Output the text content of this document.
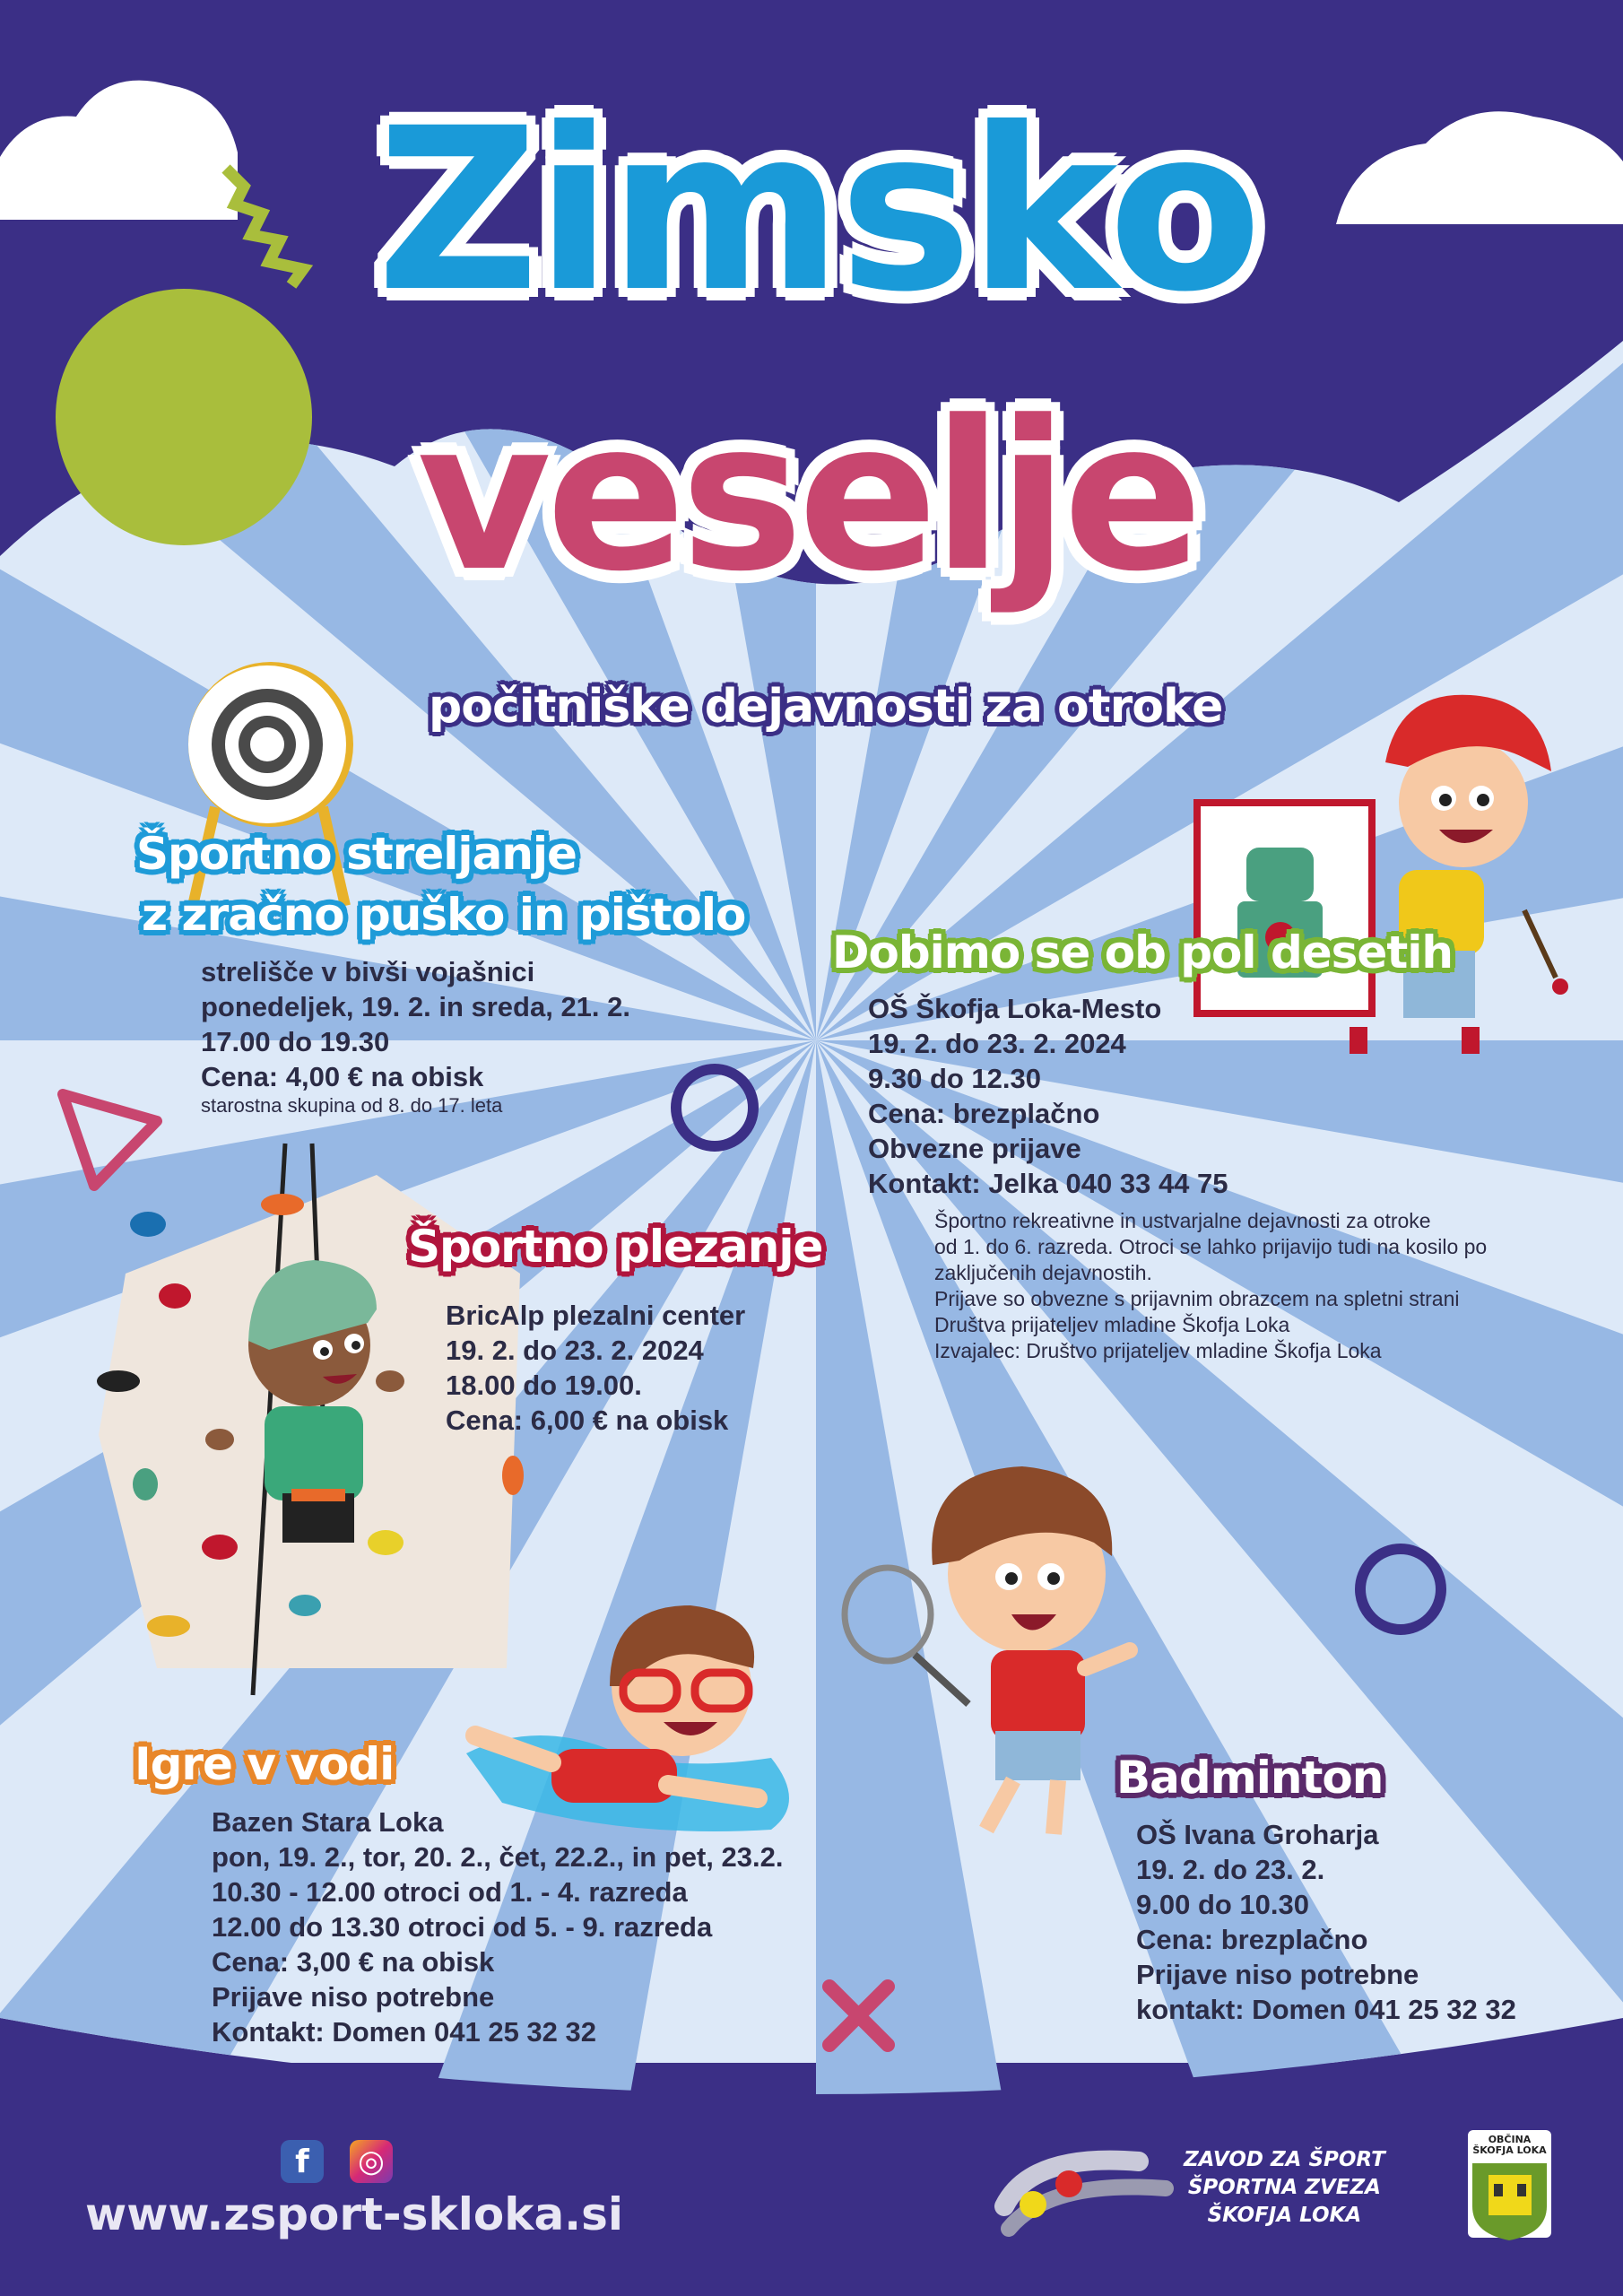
Zimsko
veselje
počitniške dejavnosti za otroke
Športno streljanje
z zračno puško in pištolo
strelišče v bivši vojašnici
ponedeljek, 19. 2. in sreda, 21. 2.
17.00 do 19.30
Cena: 4,00 € na obisk
starostna skupina od 8. do 17. leta
Dobimo se ob pol desetih
OŠ Škofja Loka-Mesto
19. 2. do 23. 2. 2024
9.30 do 12.30
Cena: brezplačno
Obvezne prijave
Kontakt: Jelka 040 33 44 75
Športno rekreativne in ustvarjalne dejavnosti za otroke
od 1. do 6. razreda. Otroci se lahko prijavijo tudi na kosilo po
zaključenih dejavnostih.
Prijave so obvezne s prijavnim obrazcem na spletni strani
Društva prijateljev mladine Škofja Loka
Izvajalec: Društvo prijateljev mladine Škofja Loka
Športno plezanje
BricAlp plezalni center
19. 2. do 23. 2. 2024
18.00 do 19.00.
Cena: 6,00 € na obisk
Igre v vodi
Bazen Stara Loka
pon, 19. 2., tor, 20. 2., čet, 22.2., in pet, 23.2.
10.30 - 12.00 otroci od 1. - 4. razreda
12.00 do 13.30 otroci od 5. - 9. razreda
Cena: 3,00 € na obisk
Prijave niso potrebne
Kontakt: Domen 041 25 32 32
Badminton
OŠ Ivana Groharja
19. 2. do 23. 2.
9.00 do 10.30
Cena: brezplačno
Prijave niso potrebne
kontakt: Domen 041 25 32 32
f	◎
www.zsport-skloka.si
ZAVOD ZA ŠPORT
ŠPORTNA ZVEZA
ŠKOFJA LOKA
OBČINA
ŠKOFJA LOKA
